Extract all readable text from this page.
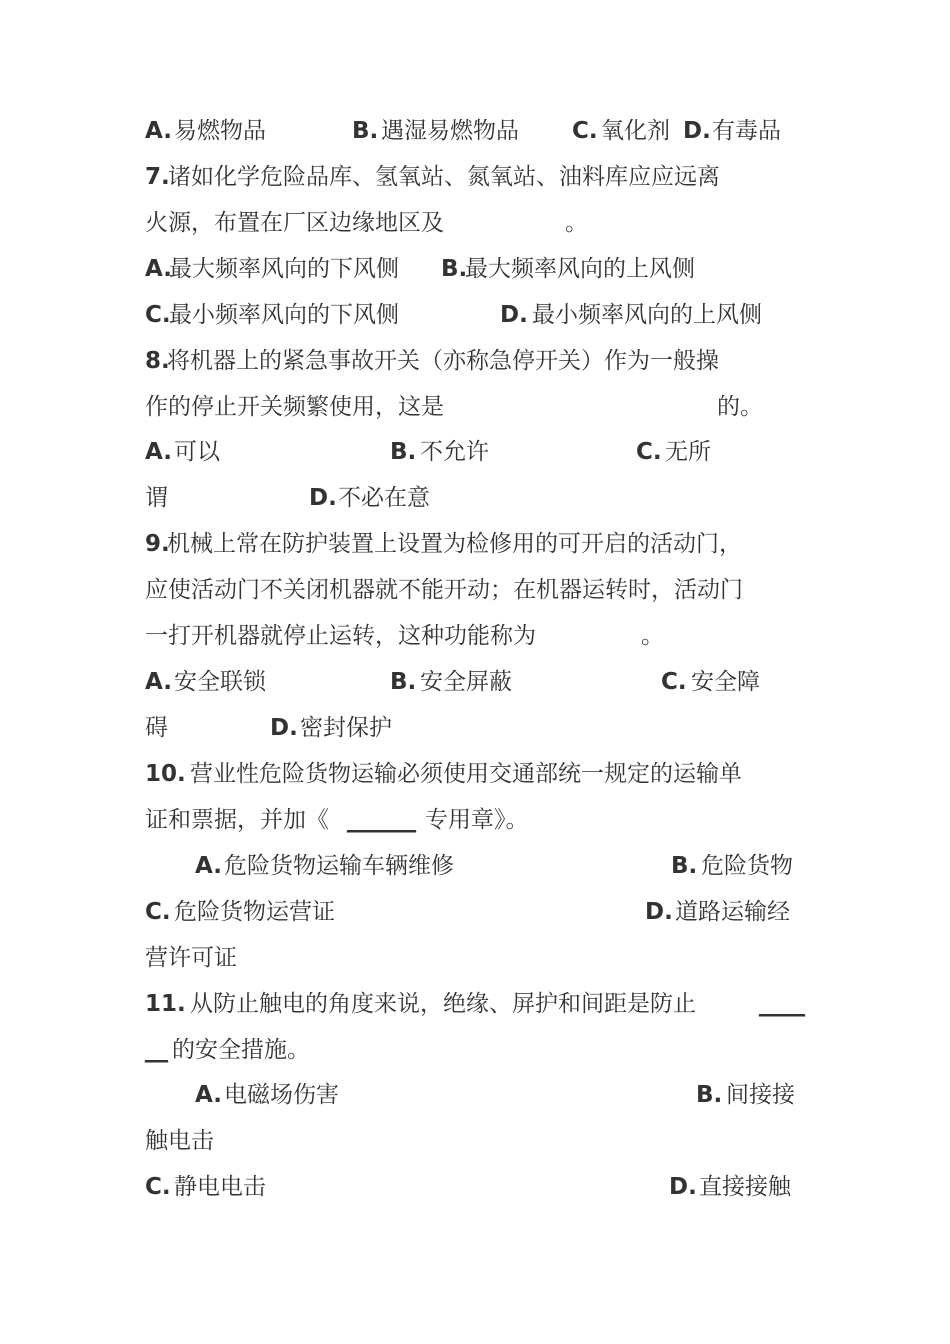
A. 易燃物品	B. 遇湿易燃物品 C. 氧化剂 D. 有毒品
7.
诸如化学危险品库、氢氧站、氮氧站、油料库应应远离
火源，布置在厂区边缘地区及	。
A.
最大频率风向的下风侧 B.
最大频率风向的上风侧
C.
最小频率风向的下风侧	D. 最小频率风向的上风侧
8.
将机器上的紧急事故开关（亦称急停开关）作为一般操
作的停止开关频繁使用，这是	的。
A. 可以	B. 不允许	C. 无所
谓	D. 不必在意
9.
机械上常在防护装置上设置为检修用的可开启的活动门，
应使活动门不关闭机器就不能开动；在机器运转时，活动门
一打开机器就停止运转，这种功能称为	。
A. 安全联锁	B. 安全屏蔽	C. 安全障
碍	D. 密封保护
10. 营业性危险货物运输必须使用交通部统一规定的运输单
证和票据，并加《 ______ 专用章》。
A. 危险货物运输车辆维修	B. 危险货物
C. 危险货物运营证	D. 道路运输经
营许可证
11. 从防止触电的角度来说，绝缘、屏护和间距是防止	____
__ 的安全措施。
A. 电磁场伤害	B. 间接接
触电击
C. 静电电击	D. 直接接触
